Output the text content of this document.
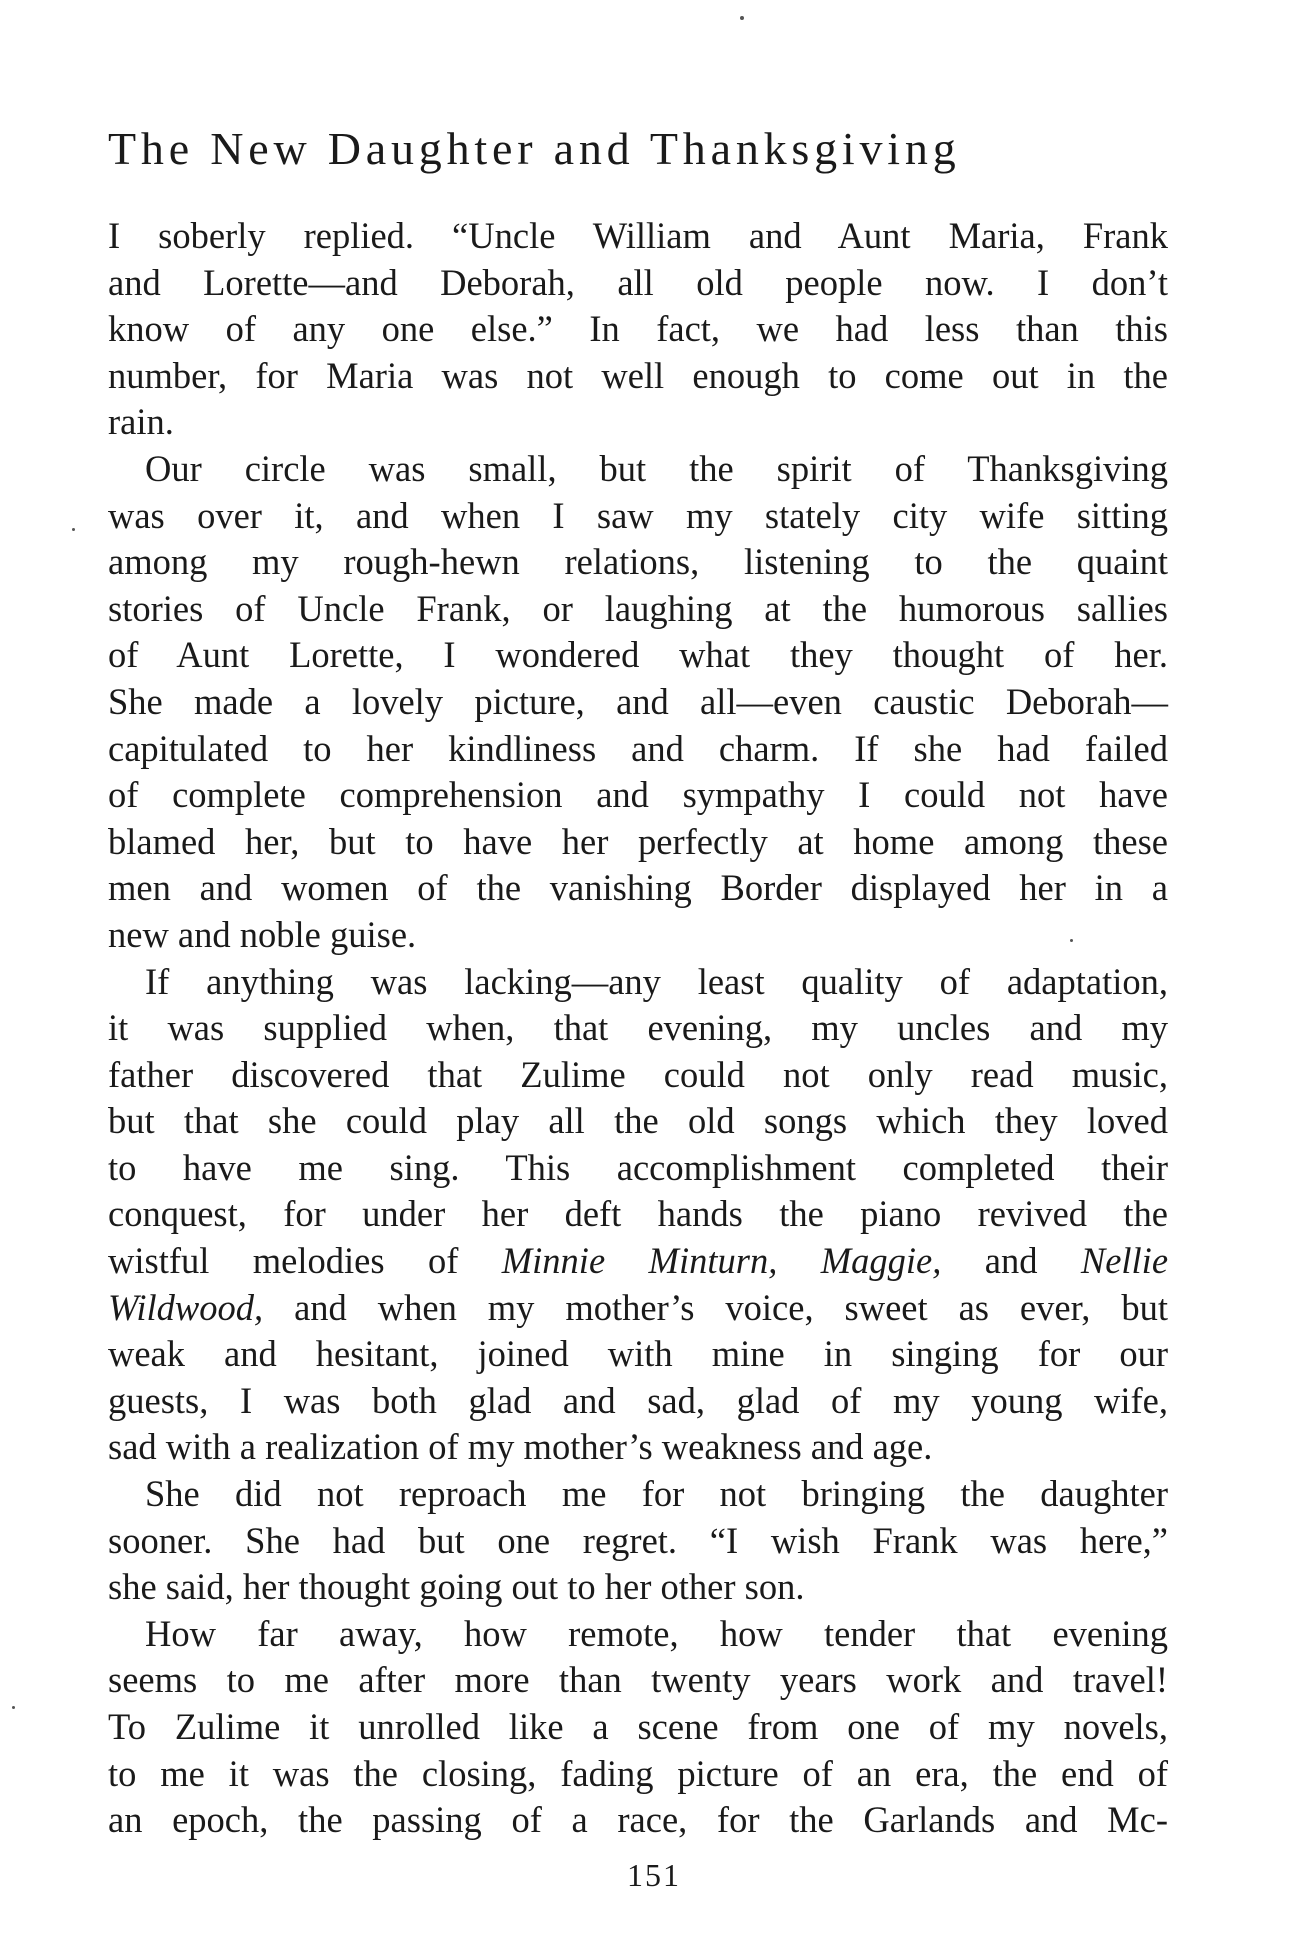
The New Daughter and Thanksgiving

I soberly replied. “Uncle William and Aunt Maria, Frank
and Lorette—and Deborah, all old people now. I don’t
know of any one else.” In fact, we had less than this
number, for Maria was not well enough to come out in the
rain.

Our circle was small, but the spirit of Thanksgiving
was over it, and when I saw my stately city wife sitting
among my rough-hewn relations, listening to the quaint
stories of Uncle Frank, or laughing at the humorous sallies
of Aunt Lorette, I wondered what they thought of her.
She made a lovely picture, and all—even caustic Deborah—
capitulated to her kindliness and charm. If she had failed
of complete comprehension and sympathy I could not have
blamed her, but to have her perfectly at home among these
men and women of the vanishing Border displayed her in a
new and noble guise.

If anything was lacking—any least quality of adaptation,
it was supplied when, that evening, my uncles and my
father discovered that Zulime could not only read music,
but that she could play all the old songs which they loved
to have me sing. This accomplishment completed their
conquest, for under her deft hands the piano revived the
wistful melodies of Minnie Minturn, Maggie, and Nellie
Wildwood, and when my mother’s voice, sweet as ever, but
weak and hesitant, joined with mine in singing for our
guests, I was both glad and sad, glad of my young wife,
sad with a realization of my mother’s weakness and age.

She did not reproach me for not bringing the daughter
sooner. She had but one regret. “I wish Frank was here,”
she said, her thought going out to her other son.

How far away, how remote, how tender that evening
seems to me after more than twenty years work and travel!
To Zulime it unrolled like a scene from one of my novels,
to me it was the closing, fading picture of an era, the end of
an epoch, the passing of a race, for the Garlands and Mc-

151
